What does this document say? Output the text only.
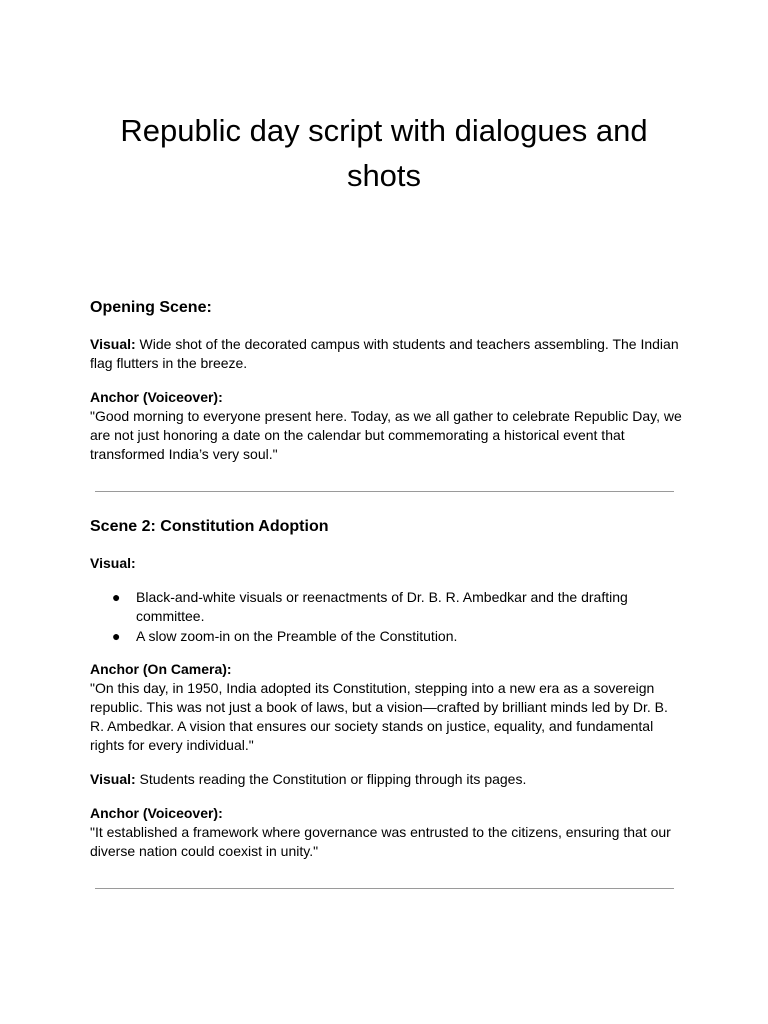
Republic day script with dialogues and
shots
Opening Scene:

Visual: Wide shot of the decorated campus with students and teachers assembling. The Indian flag flutters in the breeze.

Anchor (Voiceover):

"Good morning to everyone present here. Today, as we all gather to celebrate Republic Day, we are not just honoring a date on the calendar but commemorating a historical event that transformed India’s very soul."

Scene 2: Constitution Adoption

Visual:

● Black-and-white visuals or reenactments of Dr. B. R. Ambedkar and the drafting committee.
● A slow zoom-in on the Preamble of the Constitution.

Anchor (On Camera):

"On this day, in 1950, India adopted its Constitution, stepping into a new era as a sovereign republic. This was not just a book of laws, but a vision—crafted by brilliant minds led by Dr. B. R. Ambedkar. A vision that ensures our society stands on justice, equality, and fundamental rights for every individual."

Visual: Students reading the Constitution or flipping through its pages.

Anchor (Voiceover):

"It established a framework where governance was entrusted to the citizens, ensuring that our diverse nation could coexist in unity."
